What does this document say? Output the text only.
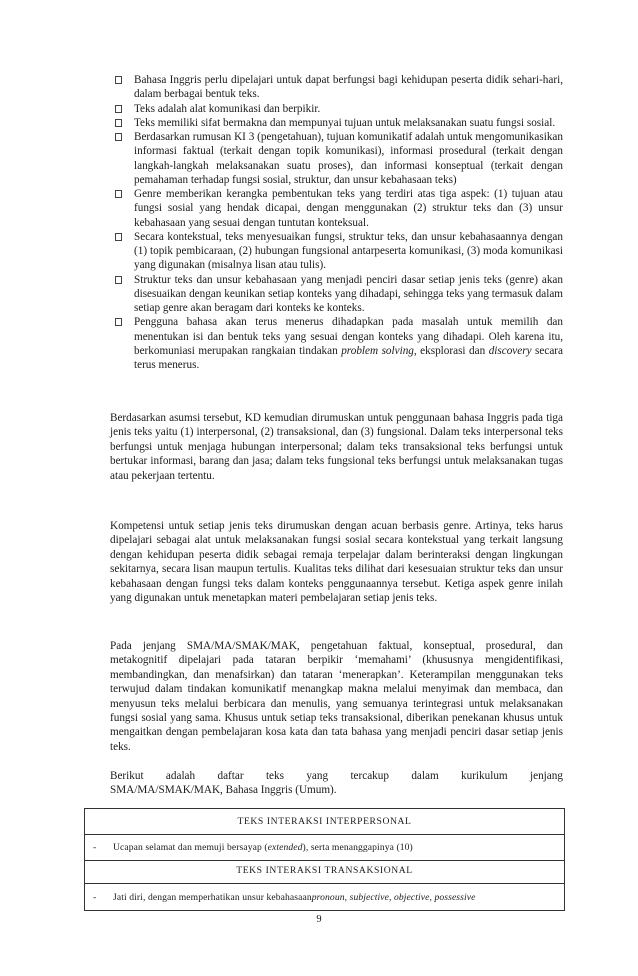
Bahasa Inggris perlu dipelajari untuk dapat berfungsi bagi kehidupan peserta didik sehari-hari, dalam berbagai bentuk teks.
Teks adalah alat komunikasi dan berpikir.
Teks memiliki sifat bermakna dan mempunyai tujuan untuk melaksanakan suatu fungsi sosial.
Berdasarkan rumusan KI 3 (pengetahuan), tujuan komunikatif adalah untuk mengomunikasikan informasi faktual (terkait dengan topik komunikasi), informasi prosedural (terkait dengan langkah-langkah melaksanakan suatu proses), dan informasi konseptual (terkait dengan pemahaman terhadap fungsi sosial, struktur, dan unsur kebahasaan teks)
Genre memberikan kerangka pembentukan teks yang terdiri atas tiga aspek: (1) tujuan atau fungsi sosial yang hendak dicapai, dengan menggunakan (2) struktur teks dan (3) unsur kebahasaan yang sesuai dengan tuntutan konteksual.
Secara kontekstual, teks menyesuaikan fungsi, struktur teks, dan unsur kebahasaannya dengan (1) topik pembicaraan, (2) hubungan fungsional antarpeserta komunikasi, (3) moda komunikasi yang digunakan (misalnya lisan atau tulis).
Struktur teks dan unsur kebahasaan yang menjadi penciri dasar setiap jenis teks (genre) akan disesuaikan dengan keunikan setiap konteks yang dihadapi, sehingga teks yang termasuk dalam setiap genre akan beragam dari konteks ke konteks.
Pengguna bahasa akan terus menerus dihadapkan pada masalah untuk memilih dan menentukan isi dan bentuk teks yang sesuai dengan konteks yang dihadapi. Oleh karena itu, berkomuniasi merupakan rangkaian tindakan problem solving, eksplorasi dan discovery secara terus menerus.

Berdasarkan asumsi tersebut, KD kemudian dirumuskan untuk penggunaan bahasa Inggris pada tiga jenis teks yaitu (1) interpersonal, (2) transaksional, dan (3) fungsional. Dalam teks interpersonal teks berfungsi untuk menjaga hubungan interpersonal; dalam teks transaksional teks berfungsi untuk bertukar informasi, barang dan jasa; dalam teks fungsional teks berfungsi untuk melaksanakan tugas atau pekerjaan tertentu.

Kompetensi untuk setiap jenis teks dirumuskan dengan acuan berbasis genre. Artinya, teks harus dipelajari sebagai alat untuk melaksanakan fungsi sosial secara kontekstual yang terkait langsung dengan kehidupan peserta didik sebagai remaja terpelajar dalam berinteraksi dengan lingkungan sekitarnya, secara lisan maupun tertulis. Kualitas teks dilihat dari kesesuaian struktur teks dan unsur kebahasaan dengan fungsi teks dalam konteks penggunaannya tersebut. Ketiga aspek genre inilah yang digunakan untuk menetapkan materi pembelajaran setiap jenis teks.

Pada jenjang SMA/MA/SMAK/MAK, pengetahuan faktual, konseptual, prosedural, dan metakognitif dipelajari pada tataran berpikir ‘memahami’ (khususnya mengidentifikasi, membandingkan, dan menafsirkan) dan tataran ‘menerapkan’. Keterampilan menggunakan teks terwujud dalam tindakan komunikatif menangkap makna melalui menyimak dan membaca, dan menyusun teks melalui berbicara dan menulis, yang semuanya terintegrasi untuk melaksanakan fungsi sosial yang sama. Khusus untuk setiap teks transaksional, diberikan penekanan khusus untuk mengaitkan dengan pembelajaran kosa kata dan tata bahasa yang menjadi penciri dasar setiap jenis teks.

Berikut adalah daftar teks yang tercakup dalam kurikulum jenjang
SMA/MA/SMAK/MAK, Bahasa Inggris (Umum).
TEKS INTERAKSI INTERPERSONAL
-	Ucapan selamat dan memuji bersayap ( extended ), serta menanggapinya (10)
TEKS INTERAKSI TRANSAKSIONAL
-	Jati diri, dengan memperhatikan unsur kebahasaan pronoun, subjective, objective, possessive
9
